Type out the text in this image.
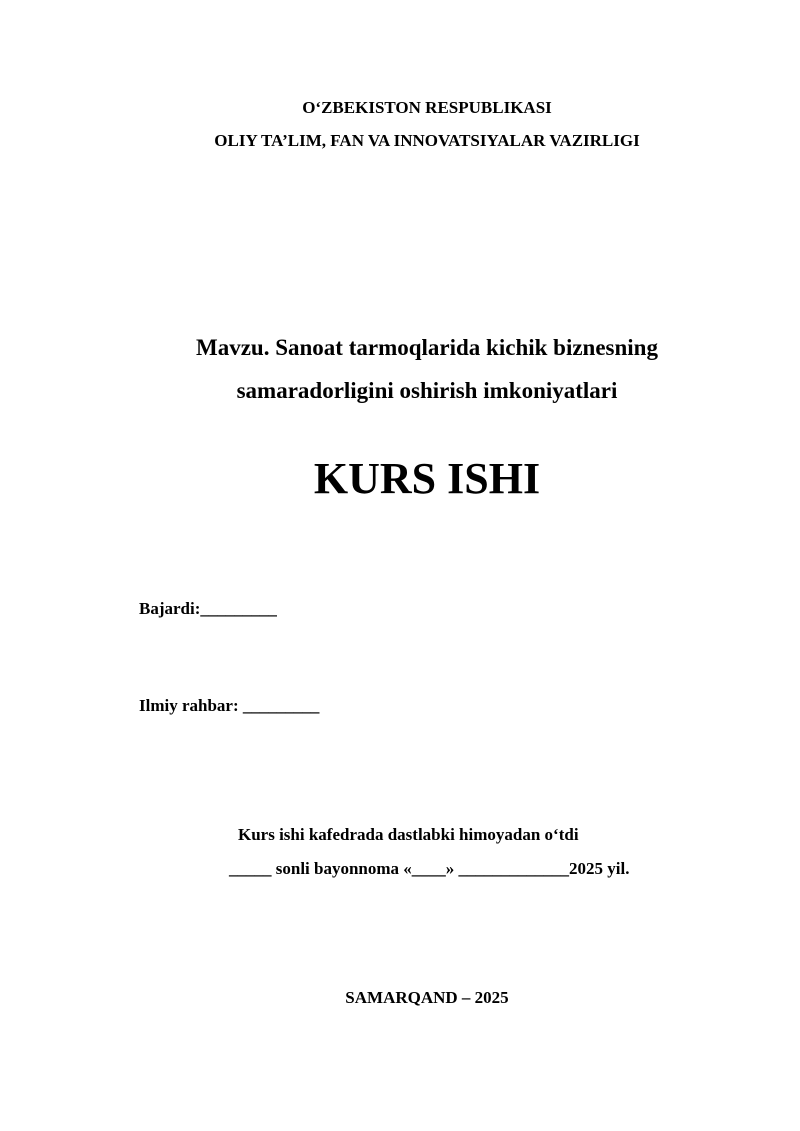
O‘ZBEKISTON RESPUBLIKASI
OLIY TA’LIM, FAN VA INNOVATSIYALAR VAZIRLIGI
Mavzu. Sanoat tarmoqlarida kichik biznesning
samaradorligini oshirish imkoniyatlari
KURS ISHI
Bajardi:_________
Ilmiy rahbar: _________
Kurs ishi kafedrada dastlabki himoyadan o‘tdi
_____ sonli bayonnoma «____» _____________2025 yil.
SAMARQAND – 2025
